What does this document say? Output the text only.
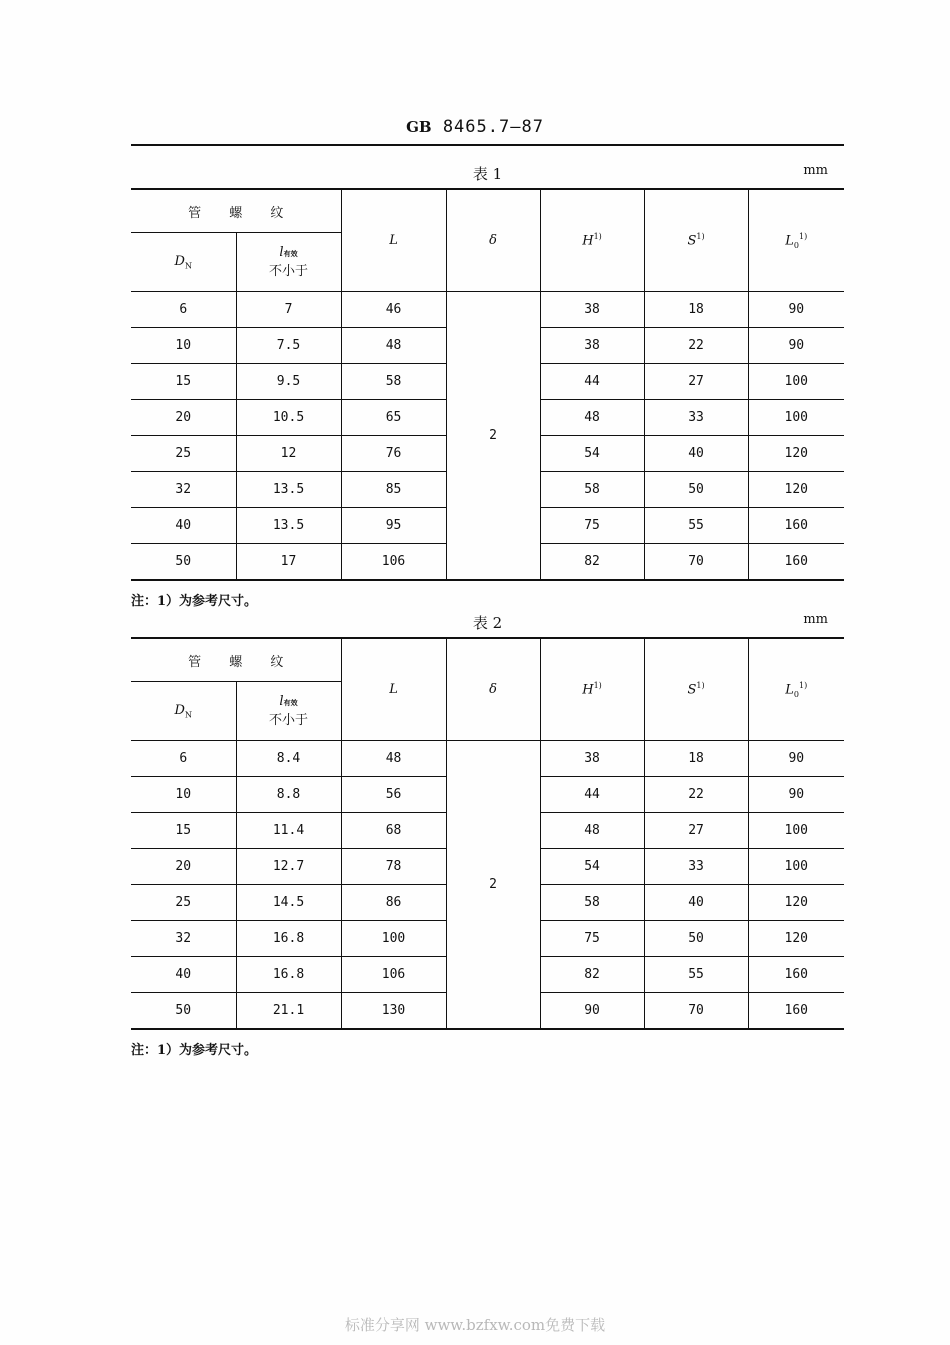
GB 8465.7—87
表 1	mm
管 螺 纹		L	δ	$H^{1)}$	$S^{1)}$	$L_0^{1)}$
$D_N$	l有效
不小于					

6	7	46	2	38	18	90
10	7.5	48		38	22	90
15	9.5	58		44	27	100
20	10.5	65		48	33	100
25	12	76		54	40	120
32	13.5	85		58	50	120
40	13.5	95		75	55	160
50	17	106		82	70	160
注：1）为参考尺寸。
表 2	mm
管 螺 纹		L	δ	$H^{1)}$	$S^{1)}$	$L_0^{1)}$
$D_N$	l有效
不小于					

6	8.4	48	2	38	18	90
10	8.8	56		44	22	90
15	11.4	68		48	27	100
20	12.7	78		54	33	100
25	14.5	86		58	40	120
32	16.8	100		75	50	120
40	16.8	106		82	55	160
50	21.1	130		90	70	160
注：1）为参考尺寸。
标准分享网 www.bzfxw.com免费下载
